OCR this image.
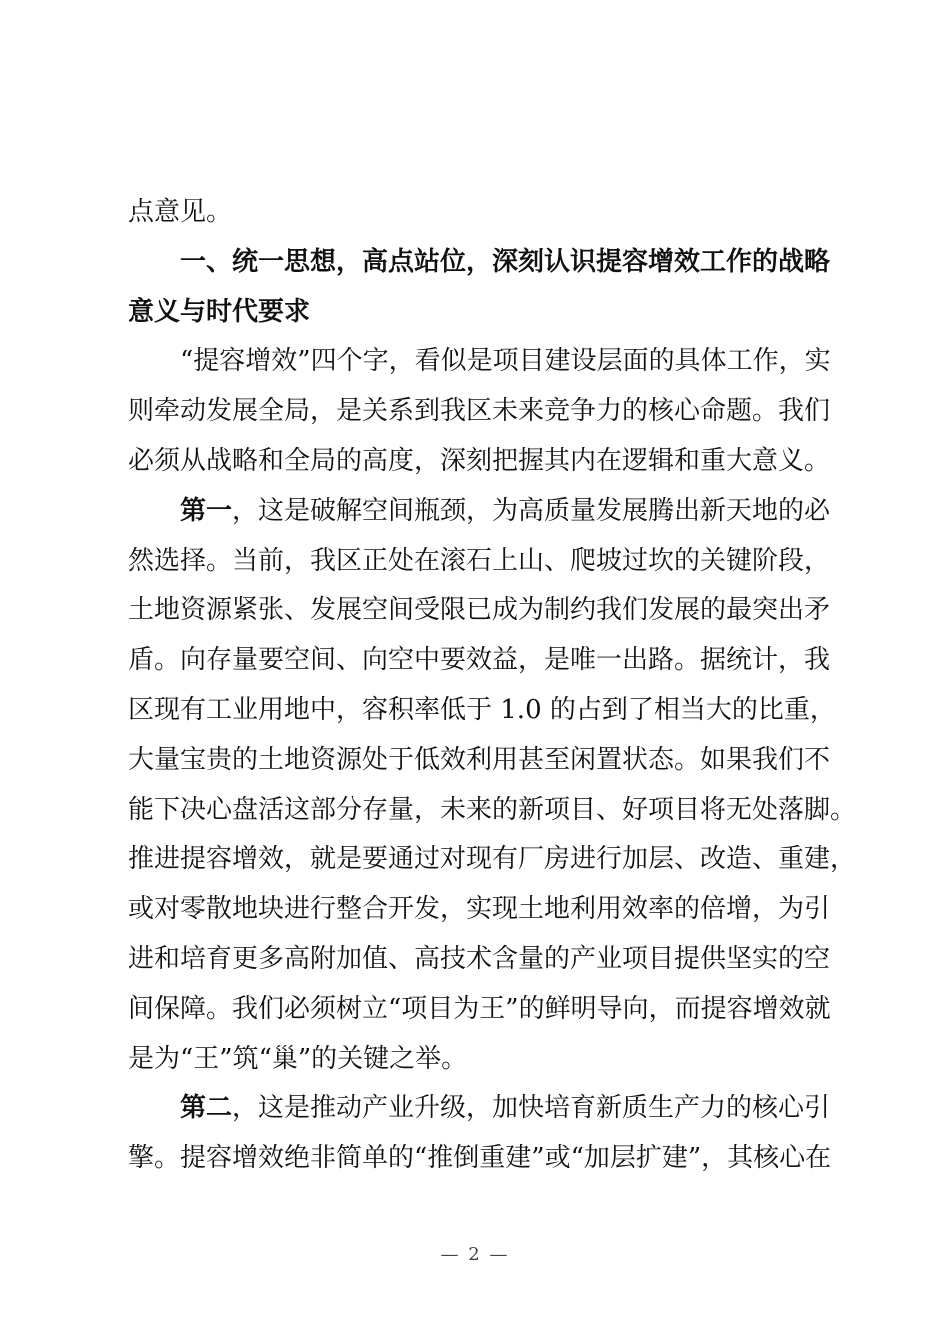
点意见。
一、统一思想，高点站位，深刻认识提容增效工作的战略
意义与时代要求
“提容增效”四个字，看似是项目建设层面的具体工作，实
则牵动发展全局，是关系到我区未来竞争力的核心命题。我们
必须从战略和全局的高度，深刻把握其内在逻辑和重大意义。
第一，这是破解空间瓶颈，为高质量发展腾出新天地的必
然选择。当前，我区正处在滚石上山、爬坡过坎的关键阶段，
土地资源紧张、发展空间受限已成为制约我们发展的最突出矛
盾。向存量要空间、向空中要效益，是唯一出路。据统计，我
区现有工业用地中，容积率低于 1.0 的占到了相当大的比重，
大量宝贵的土地资源处于低效利用甚至闲置状态。如果我们不
能下决心盘活这部分存量，未来的新项目、好项目将无处落脚。
推进提容增效，就是要通过对现有厂房进行加层、改造、重建，
或对零散地块进行整合开发，实现土地利用效率的倍增，为引
进和培育更多高附加值、高技术含量的产业项目提供坚实的空
间保障。我们必须树立“项目为王”的鲜明导向，而提容增效就
是为“王”筑“巢”的关键之举。
第二，这是推动产业升级，加快培育新质生产力的核心引
擎。提容增效绝非简单的“推倒重建”或“加层扩建”，其核心在
— 2 —
